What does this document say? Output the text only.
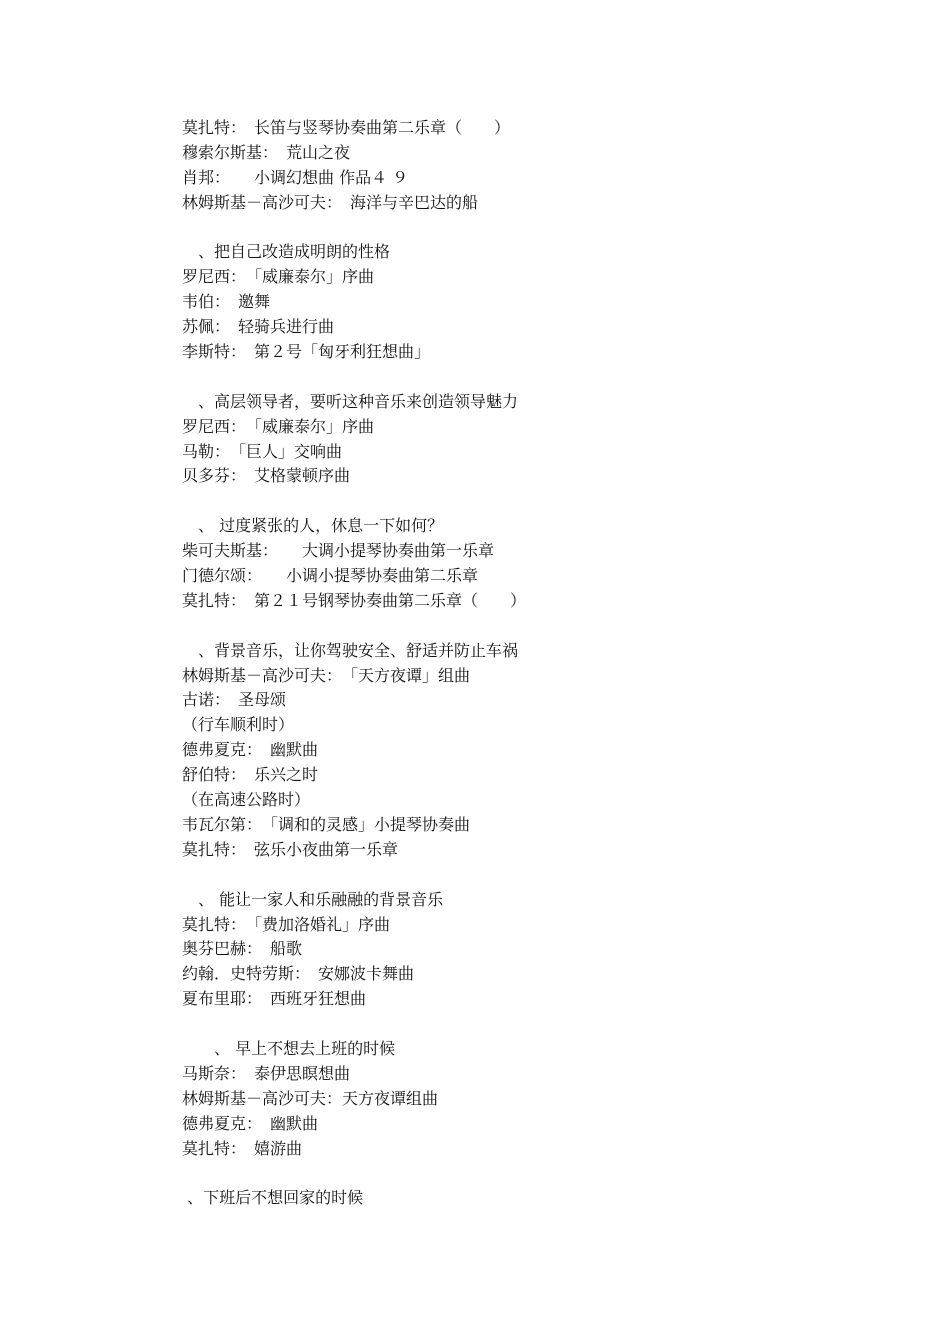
莫扎特：　长笛与竖琴协奏曲第二乐章（　　）
穆索尔斯基：　荒山之夜
肖邦：　　小调幻想曲 作品４ ９
林姆斯基－高沙可夫：　海洋与辛巴达的船
　、把自己改造成明朗的性格
罗尼西：　「威廉泰尔」序曲
韦伯：　邀舞
苏佩：　轻骑兵进行曲
李斯特：　第２号「匈牙利狂想曲」
　、高层领导者，要听这种音乐来创造领导魅力
罗尼西：　「威廉泰尔」序曲
马勒：　「巨人」交响曲
贝多芬：　艾格蒙顿序曲
　、 过度紧张的人，休息一下如何？
柴可夫斯基：　　大调小提琴协奏曲第一乐章
门德尔颂：　　小调小提琴协奏曲第二乐章
莫扎特：　第２１号钢琴协奏曲第二乐章（　　）
　、背景音乐，让你驾驶安全、舒适并防止车祸
林姆斯基－高沙可夫：　「天方夜谭」组曲
古诺：　圣母颂
（行车顺利时）
德弗夏克：　幽默曲
舒伯特：　乐兴之时
（在高速公路时）
韦瓦尔第：　「调和的灵感」小提琴协奏曲
莫扎特：　弦乐小夜曲第一乐章
　、 能让一家人和乐融融的背景音乐
莫扎特：　「费加洛婚礼」序曲
奥芬巴赫：　船歌
约翰．史特劳斯：　安娜波卡舞曲
夏布里耶：　西班牙狂想曲
　　、 早上不想去上班的时候
马斯奈：　泰伊思瞑想曲
林姆斯基－高沙可夫：天方夜谭组曲
德弗夏克：　幽默曲
莫扎特：　嬉游曲
、下班后不想回家的时候
